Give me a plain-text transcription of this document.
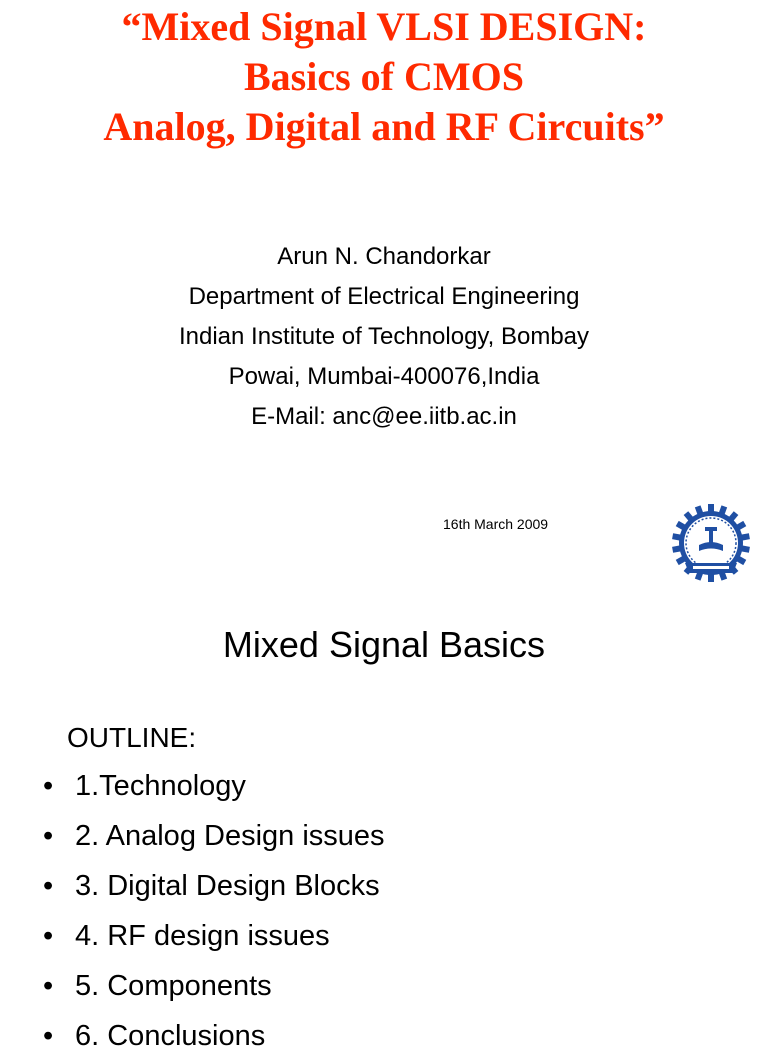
“Mixed Signal VLSI DESIGN:
Basics of CMOS
Analog, Digital and RF Circuits”
Arun N. Chandorkar
Department of Electrical Engineering
Indian Institute of Technology, Bombay
Powai, Mumbai-400076,India
E-Mail: anc@ee.iitb.ac.in
16th March 2009
Mixed Signal Basics
OUTLINE:
• 1.Technology
• 2. Analog Design issues
• 3. Digital Design Blocks
• 4. RF design issues
• 5. Components
• 6. Conclusions
